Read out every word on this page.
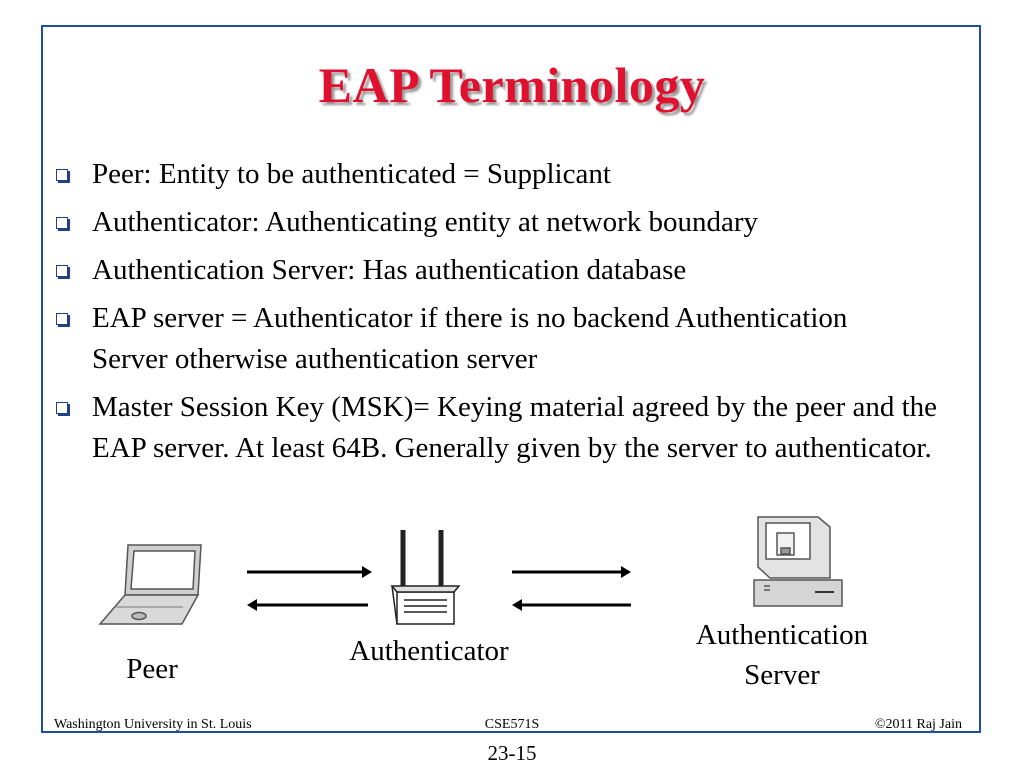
EAP Terminology
Peer: Entity to be authenticated = Supplicant
Authenticator: Authenticating entity at network boundary
Authentication Server: Has authentication database
EAP server = Authenticator if there is no backend Authentication Server otherwise authentication server
Master Session Key (MSK)= Keying material agreed by the peer and the EAP server. At least 64B. Generally given by the server to authenticator.
Peer
Authenticator	Authentication
Server
Washington University in St. Louis	CSE571S	©2011 Raj Jain
23-15
